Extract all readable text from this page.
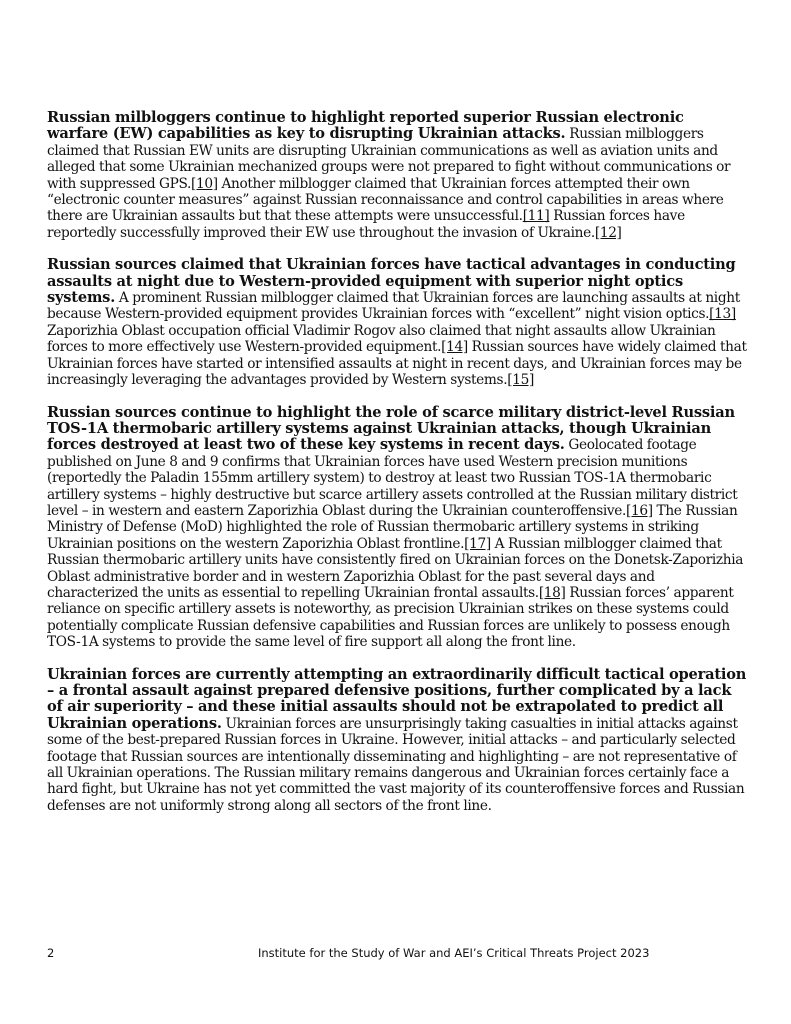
Russian milbloggers continue to highlight reported superior Russian electronic warfare (EW) capabilities as key to disrupting Ukrainian attacks. Russian milbloggers claimed that Russian EW units are disrupting Ukrainian communications as well as aviation units and alleged that some Ukrainian mechanized groups were not prepared to fight without communications or with suppressed GPS.[10] Another milblogger claimed that Ukrainian forces attempted their own “electronic counter measures” against Russian reconnaissance and control capabilities in areas where there are Ukrainian assaults but that these attempts were unsuccessful.[11] Russian forces have reportedly successfully improved their EW use throughout the invasion of Ukraine.[12]

Russian sources claimed that Ukrainian forces have tactical advantages in conducting assaults at night due to Western-provided equipment with superior night optics systems. A prominent Russian milblogger claimed that Ukrainian forces are launching assaults at night because Western-provided equipment provides Ukrainian forces with “excellent” night vision optics.[13] Zaporizhia Oblast occupation official Vladimir Rogov also claimed that night assaults allow Ukrainian forces to more effectively use Western-provided equipment.[14] Russian sources have widely claimed that Ukrainian forces have started or intensified assaults at night in recent days, and Ukrainian forces may be increasingly leveraging the advantages provided by Western systems.[15]

Russian sources continue to highlight the role of scarce military district-level Russian TOS-1A thermobaric artillery systems against Ukrainian attacks, though Ukrainian forces destroyed at least two of these key systems in recent days. Geolocated footage published on June 8 and 9 confirms that Ukrainian forces have used Western precision munitions (reportedly the Paladin 155mm artillery system) to destroy at least two Russian TOS-1A thermobaric artillery systems – highly destructive but scarce artillery assets controlled at the Russian military district level – in western and eastern Zaporizhia Oblast during the Ukrainian counteroffensive.[16] The Russian Ministry of Defense (MoD) highlighted the role of Russian thermobaric artillery systems in striking Ukrainian positions on the western Zaporizhia Oblast frontline.[17] A Russian milblogger claimed that Russian thermobaric artillery units have consistently fired on Ukrainian forces on the Donetsk-Zaporizhia Oblast administrative border and in western Zaporizhia Oblast for the past several days and characterized the units as essential to repelling Ukrainian frontal assaults.[18] Russian forces’ apparent reliance on specific artillery assets is noteworthy, as precision Ukrainian strikes on these systems could potentially complicate Russian defensive capabilities and Russian forces are unlikely to possess enough TOS-1A systems to provide the same level of fire support all along the front line.

Ukrainian forces are currently attempting an extraordinarily difficult tactical operation – a frontal assault against prepared defensive positions, further complicated by a lack of air superiority – and these initial assaults should not be extrapolated to predict all Ukrainian operations. Ukrainian forces are unsurprisingly taking casualties in initial attacks against some of the best-prepared Russian forces in Ukraine. However, initial attacks – and particularly selected footage that Russian sources are intentionally disseminating and highlighting – are not representative of all Ukrainian operations. The Russian military remains dangerous and Ukrainian forces certainly face a hard fight, but Ukraine has not yet committed the vast majority of its counteroffensive forces and Russian defenses are not uniformly strong along all sectors of the front line.

2	Institute for the Study of War and AEI’s Critical Threats Project 2023
